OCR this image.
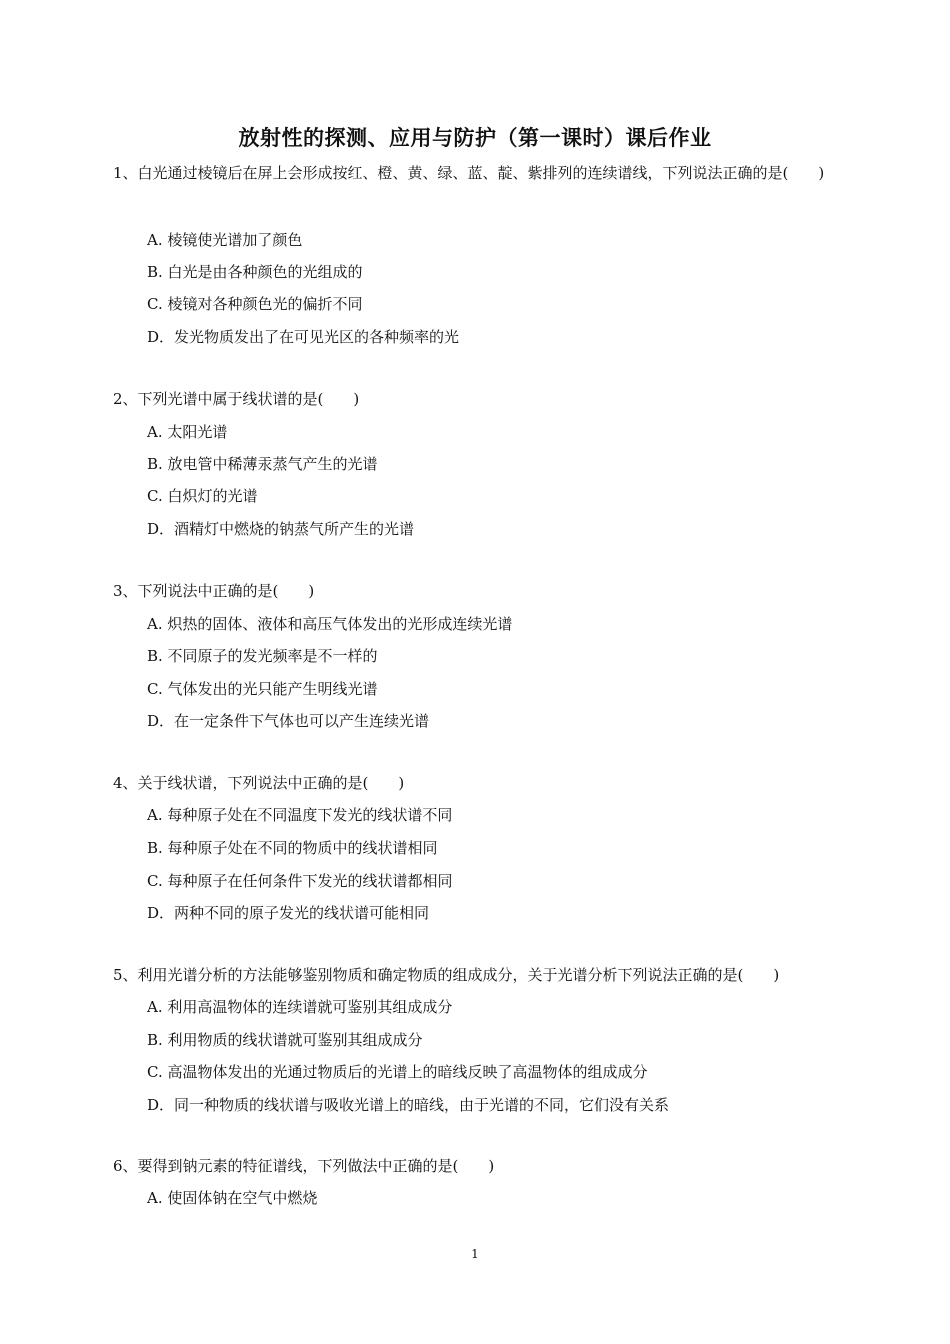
放射性的探测、应用与防护（第一课时）课后作业
1、白光通过棱镜后在屏上会形成按红、橙、黄、绿、蓝、靛、紫排列的连续谱线，下列说法正确的是(　　)
A. 棱镜使光谱加了颜色
B. 白光是由各种颜色的光组成的
C. 棱镜对各种颜色光的偏折不同
D．发光物质发出了在可见光区的各种频率的光
2、下列光谱中属于线状谱的是(　　)
A. 太阳光谱
B. 放电管中稀薄汞蒸气产生的光谱
C. 白炽灯的光谱
D．酒精灯中燃烧的钠蒸气所产生的光谱
3、下列说法中正确的是(　　)
A. 炽热的固体、液体和高压气体发出的光形成连续光谱
B. 不同原子的发光频率是不一样的
C. 气体发出的光只能产生明线光谱
D．在一定条件下气体也可以产生连续光谱
4、关于线状谱，下列说法中正确的是(　　)
A. 每种原子处在不同温度下发光的线状谱不同
B. 每种原子处在不同的物质中的线状谱相同
C. 每种原子在任何条件下发光的线状谱都相同
D．两种不同的原子发光的线状谱可能相同
5、利用光谱分析的方法能够鉴别物质和确定物质的组成成分，关于光谱分析下列说法正确的是(　　)
A. 利用高温物体的连续谱就可鉴别其组成成分
B. 利用物质的线状谱就可鉴别其组成成分
C. 高温物体发出的光通过物质后的光谱上的暗线反映了高温物体的组成成分
D．同一种物质的线状谱与吸收光谱上的暗线，由于光谱的不同，它们没有关系
6、要得到钠元素的特征谱线，下列做法中正确的是(　　)
A. 使固体钠在空气中燃烧
1
